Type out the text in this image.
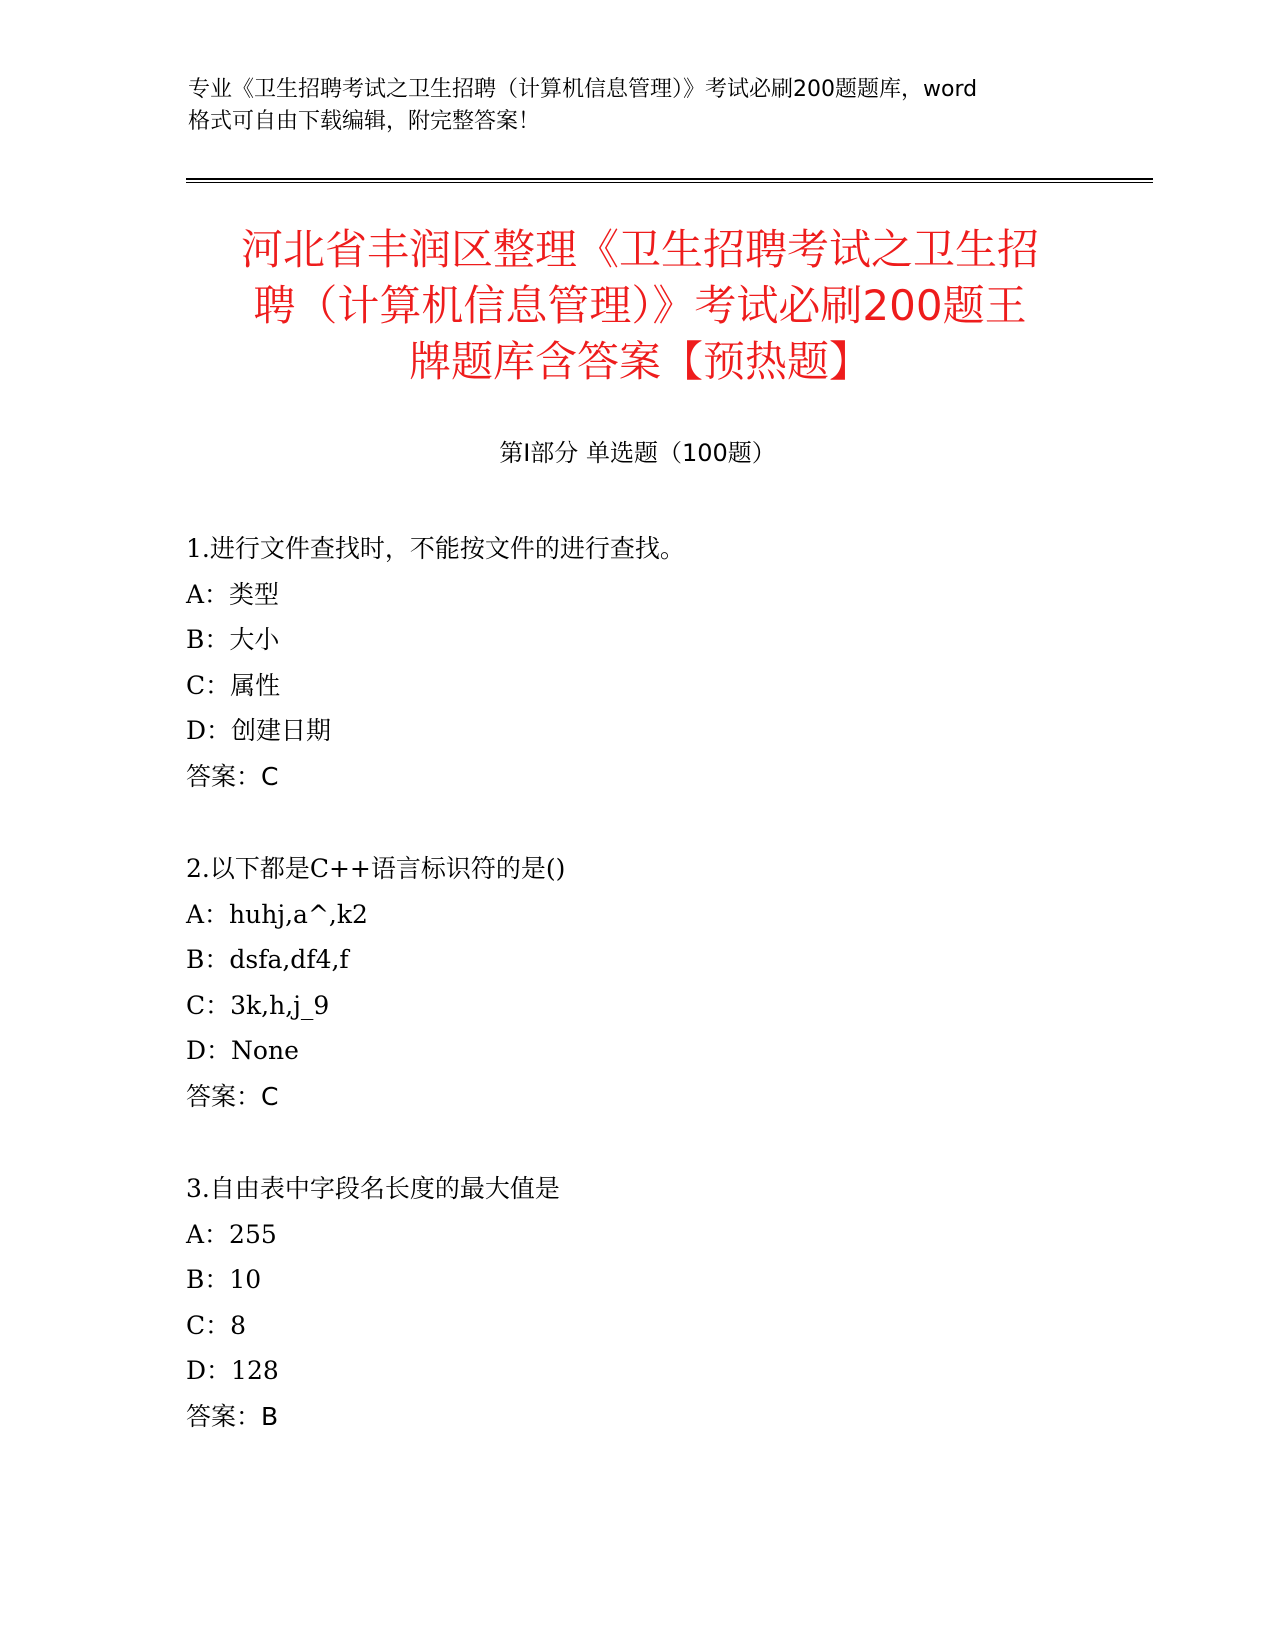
专业《卫生招聘考试之卫生招聘（计算机信息管理）》考试必刷200题题库，word
格式可自由下载编辑，附完整答案！
河北省丰润区整理《卫生招聘考试之卫生招
聘（计算机信息管理）》考试必刷200题王
牌题库含答案【预热题】
第Ⅰ部分 单选题（100题）
1.进行文件查找时，不能按文件的进行查找。
A：类型
B：大小
C：属性
D：创建日期
答案：C
2.以下都是C++语言标识符的是()
A：huhj,a^,k2
B：dsfa,df4,f
C：3k,h,j_9
D：None
答案：C
3.自由表中字段名长度的最大值是
A：255
B：10
C：8
D：128
答案：B
